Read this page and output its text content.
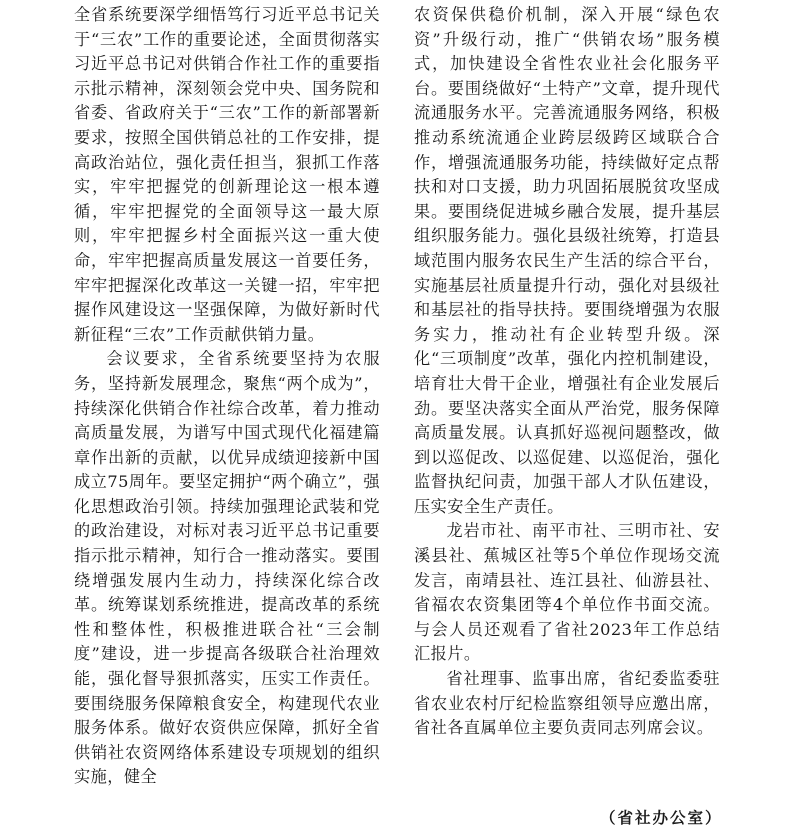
全省系统要深学细悟笃行习近平总书记关于“三农”工作的重要论述，全面贯彻落实习近平总书记对供销合作社工作的重要指示批示精神，深刻领会党中央、国务院和省委、省政府关于“三农”工作的新部署新要求，按照全国供销总社的工作安排，提高政治站位，强化责任担当，狠抓工作落实，牢牢把握党的创新理论这一根本遵循，牢牢把握党的全面领导这一最大原则，牢牢把握乡村全面振兴这一重大使命，牢牢把握高质量发展这一首要任务，牢牢把握深化改革这一关键一招，牢牢把握作风建设这一坚强保障，为做好新时代新征程“三农”工作贡献供销力量。

会议要求，全省系统要坚持为农服务，坚持新发展理念，聚焦“两个成为”，持续深化供销合作社综合改革，着力推动高质量发展，为谱写中国式现代化福建篇章作出新的贡献，以优异成绩迎接新中国成立75周年。要坚定拥护“两个确立”，强化思想政治引领。持续加强理论武装和党的政治建设，对标对表习近平总书记重要指示批示精神，知行合一推动落实。要围绕增强发展内生动力，持续深化综合改革。统筹谋划系统推进，提高改革的系统性和整体性，积极推进联合社“三会制度”建设，进一步提高各级联合社治理效能，强化督导狠抓落实，压实工作责任。要围绕服务保障粮食安全，构建现代农业服务体系。做好农资供应保障，抓好全省供销社农资网络体系建设专项规划的组织实施，健全

农资保供稳价机制，深入开展“绿色农资”升级行动，推广“供销农场”服务模式，加快建设全省性农业社会化服务平台。要围绕做好“土特产”文章，提升现代流通服务水平。完善流通服务网络，积极推动系统流通企业跨层级跨区域联合合作，增强流通服务功能，持续做好定点帮扶和对口支援，助力巩固拓展脱贫攻坚成果。要围绕促进城乡融合发展，提升基层组织服务能力。强化县级社统筹，打造县域范围内服务农民生产生活的综合平台，实施基层社质量提升行动，强化对县级社和基层社的指导扶持。要围绕增强为农服务实力，推动社有企业转型升级。深化“三项制度”改革，强化内控机制建设，培育壮大骨干企业，增强社有企业发展后劲。要坚决落实全面从严治党，服务保障高质量发展。认真抓好巡视问题整改，做到以巡促改、以巡促建、以巡促治，强化监督执纪问责，加强干部人才队伍建设，压实安全生产责任。

龙岩市社、南平市社、三明市社、安溪县社、蕉城区社等5个单位作现场交流发言，南靖县社、连江县社、仙游县社、省福农农资集团等4个单位作书面交流。与会人员还观看了省社2023年工作总结汇报片。

省社理事、监事出席，省纪委监委驻省农业农村厅纪检监察组领导应邀出席，省社各直属单位主要负责同志列席会议。

（省社办公室）
